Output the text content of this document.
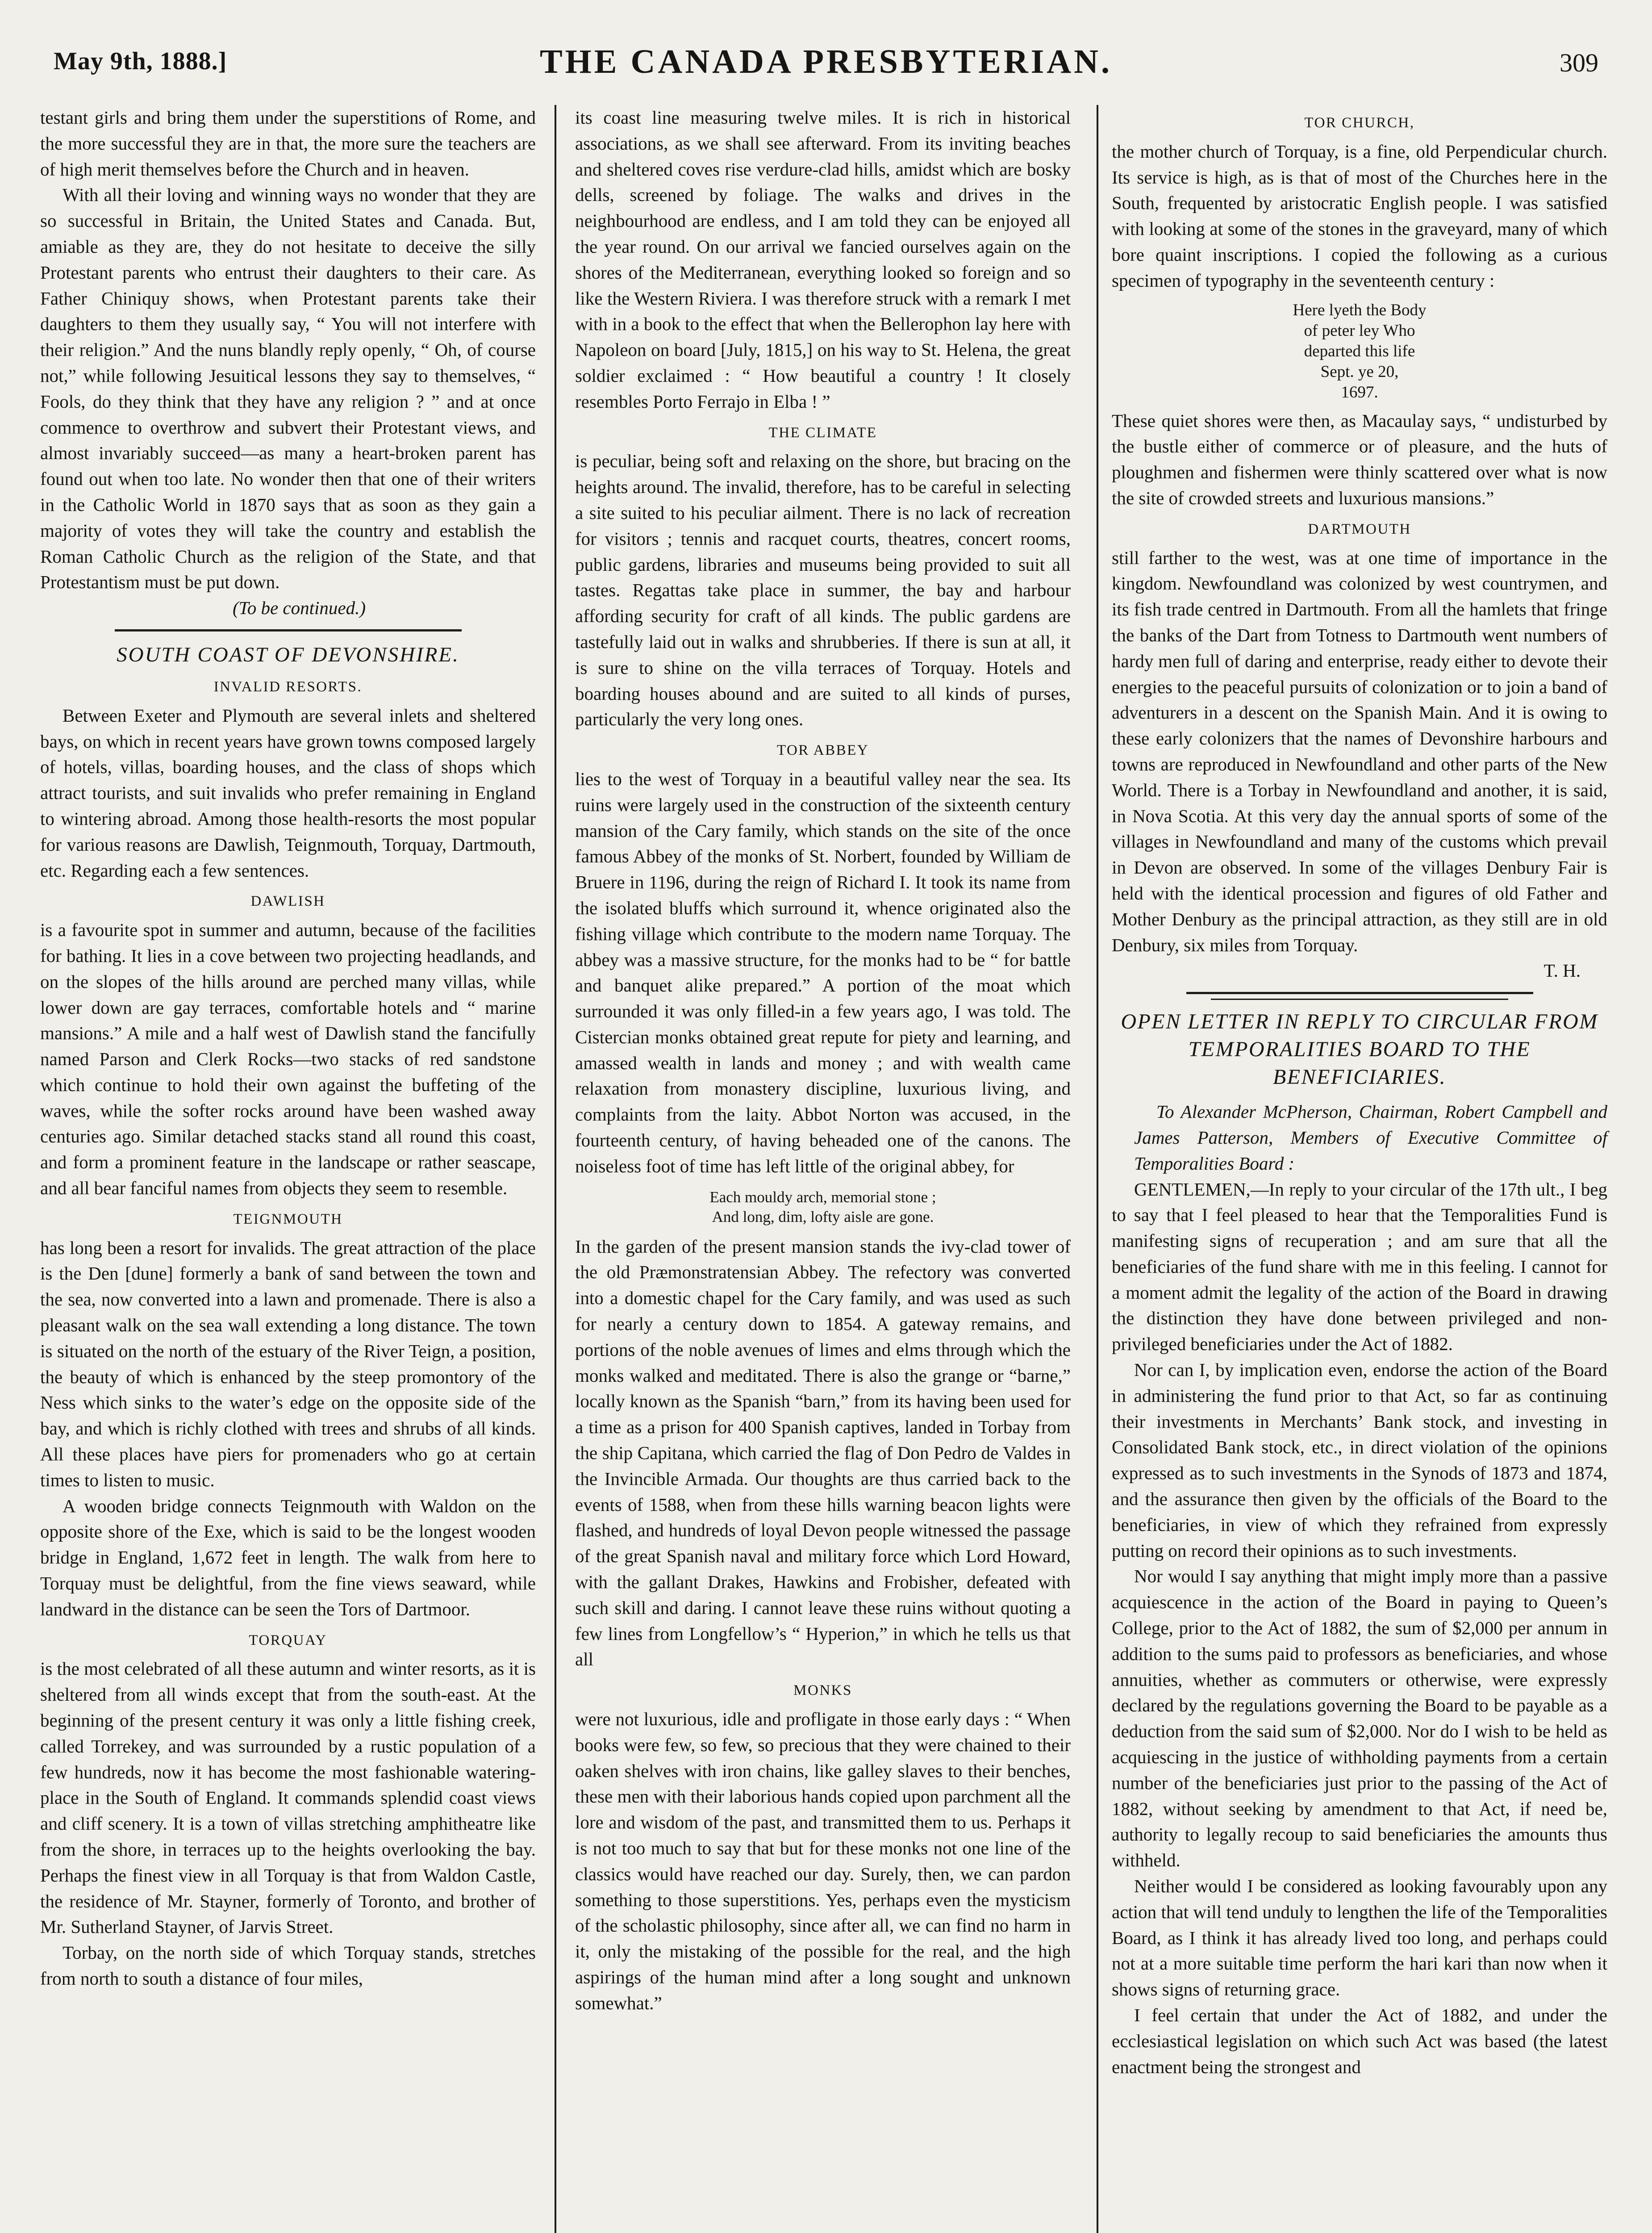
May 9th, 1888.]	THE CANADA PRESBYTERIAN.	309

testant girls and bring them under the superstitions of Rome, and the more successful they are in that, the more sure the teachers are of high merit themselves before the Church and in heaven.

With all their loving and winning ways no wonder that they are so successful in Britain, the United States and Canada. But, amiable as they are, they do not hesitate to deceive the silly Protestant parents who entrust their daughters to their care. As Father Chiniquy shows, when Protestant parents take their daughters to them they usually say, “ You will not interfere with their religion.” And the nuns blandly reply openly, “ Oh, of course not,” while following Jesuitical lessons they say to themselves, “ Fools, do they think that they have any religion ? ” and at once commence to overthrow and subvert their Protestant views, and almost invariably succeed—as many a heart-broken parent has found out when too late. No wonder then that one of their writers in the Catholic World in 1870 says that as soon as they gain a majority of votes they will take the country and establish the Roman Catholic Church as the religion of the State, and that Protestantism must be put down.

(To be continued.)

SOUTH COAST OF DEVONSHIRE.
INVALID RESORTS.

Between Exeter and Plymouth are several inlets and sheltered bays, on which in recent years have grown towns composed largely of hotels, villas, boarding houses, and the class of shops which attract tourists, and suit invalids who prefer remaining in England to wintering abroad. Among those health-resorts the most popular for various reasons are Dawlish, Teignmouth, Torquay, Dartmouth, etc. Regarding each a few sentences.

DAWLISH

is a favourite spot in summer and autumn, because of the facilities for bathing. It lies in a cove between two projecting headlands, and on the slopes of the hills around are perched many villas, while lower down are gay terraces, comfortable hotels and “ marine mansions.” A mile and a half west of Dawlish stand the fancifully named Parson and Clerk Rocks—two stacks of red sandstone which continue to hold their own against the buffeting of the waves, while the softer rocks around have been washed away centuries ago. Similar detached stacks stand all round this coast, and form a prominent feature in the landscape or rather seascape, and all bear fanciful names from objects they seem to resemble.

TEIGNMOUTH

has long been a resort for invalids. The great attraction of the place is the Den [dune] formerly a bank of sand between the town and the sea, now converted into a lawn and promenade. There is also a pleasant walk on the sea wall extending a long distance. The town is situated on the north of the estuary of the River Teign, a position, the beauty of which is enhanced by the steep promontory of the Ness which sinks to the water’s edge on the opposite side of the bay, and which is richly clothed with trees and shrubs of all kinds. All these places have piers for promenaders who go at certain times to listen to music.

A wooden bridge connects Teignmouth with Waldon on the opposite shore of the Exe, which is said to be the longest wooden bridge in England, 1,672 feet in length. The walk from here to Torquay must be delightful, from the fine views seaward, while landward in the distance can be seen the Tors of Dartmoor.

TORQUAY

is the most celebrated of all these autumn and winter resorts, as it is sheltered from all winds except that from the south-east. At the beginning of the present century it was only a little fishing creek, called Torrekey, and was surrounded by a rustic population of a few hundreds, now it has become the most fashionable watering-place in the South of England. It commands splendid coast views and cliff scenery. It is a town of villas stretching amphitheatre like from the shore, in terraces up to the heights overlooking the bay. Perhaps the finest view in all Torquay is that from Waldon Castle, the residence of Mr. Stayner, formerly of Toronto, and brother of Mr. Sutherland Stayner, of Jarvis Street.

Torbay, on the north side of which Torquay stands, stretches from north to south a distance of four miles,

its coast line measuring twelve miles. It is rich in historical associations, as we shall see afterward. From its inviting beaches and sheltered coves rise verdure-clad hills, amidst which are bosky dells, screened by foliage. The walks and drives in the neighbourhood are endless, and I am told they can be enjoyed all the year round. On our arrival we fancied ourselves again on the shores of the Mediterranean, everything looked so foreign and so like the Western Riviera. I was therefore struck with a remark I met with in a book to the effect that when the Bellerophon lay here with Napoleon on board [July, 1815,] on his way to St. Helena, the great soldier exclaimed : “ How beautiful a country ! It closely resembles Porto Ferrajo in Elba ! ”

THE CLIMATE

is peculiar, being soft and relaxing on the shore, but bracing on the heights around. The invalid, therefore, has to be careful in selecting a site suited to his peculiar ailment. There is no lack of recreation for visitors ; tennis and racquet courts, theatres, concert rooms, public gardens, libraries and museums being provided to suit all tastes. Regattas take place in summer, the bay and harbour affording security for craft of all kinds. The public gardens are tastefully laid out in walks and shrubberies. If there is sun at all, it is sure to shine on the villa terraces of Torquay. Hotels and boarding houses abound and are suited to all kinds of purses, particularly the very long ones.

TOR ABBEY

lies to the west of Torquay in a beautiful valley near the sea. Its ruins were largely used in the construction of the sixteenth century mansion of the Cary family, which stands on the site of the once famous Abbey of the monks of St. Norbert, founded by William de Bruere in 1196, during the reign of Richard I. It took its name from the isolated bluffs which surround it, whence originated also the fishing village which contribute to the modern name Torquay. The abbey was a massive structure, for the monks had to be “ for battle and banquet alike prepared.” A portion of the moat which surrounded it was only filled-in a few years ago, I was told. The Cistercian monks obtained great repute for piety and learning, and amassed wealth in lands and money ; and with wealth came relaxation from monastery discipline, luxurious living, and complaints from the laity. Abbot Norton was accused, in the fourteenth century, of having beheaded one of the canons. The noiseless foot of time has left little of the original abbey, for

Each mouldy arch, memorial stone ;
And long, dim, lofty aisle are gone.

In the garden of the present mansion stands the ivy-clad tower of the old Præmonstratensian Abbey. The refectory was converted into a domestic chapel for the Cary family, and was used as such for nearly a century down to 1854. A gateway remains, and portions of the noble avenues of limes and elms through which the monks walked and meditated. There is also the grange or “barne,” locally known as the Spanish “barn,” from its having been used for a time as a prison for 400 Spanish captives, landed in Torbay from the ship Capitana, which carried the flag of Don Pedro de Valdes in the Invincible Armada. Our thoughts are thus carried back to the events of 1588, when from these hills warning beacon lights were flashed, and hundreds of loyal Devon people witnessed the passage of the great Spanish naval and military force which Lord Howard, with the gallant Drakes, Hawkins and Frobisher, defeated with such skill and daring. I cannot leave these ruins without quoting a few lines from Longfellow’s “ Hyperion,” in which he tells us that all

MONKS

were not luxurious, idle and profligate in those early days : “ When books were few, so few, so precious that they were chained to their oaken shelves with iron chains, like galley slaves to their benches, these men with their laborious hands copied upon parchment all the lore and wisdom of the past, and transmitted them to us. Perhaps it is not too much to say that but for these monks not one line of the classics would have reached our day. Surely, then, we can pardon something to those superstitions. Yes, perhaps even the mysticism of the scholastic philosophy, since after all, we can find no harm in it, only the mistaking of the possible for the real, and the high aspirings of the human mind after a long sought and unknown somewhat.”

TOR CHURCH,

the mother church of Torquay, is a fine, old Perpendicular church. Its service is high, as is that of most of the Churches here in the South, frequented by aristocratic English people. I was satisfied with looking at some of the stones in the graveyard, many of which bore quaint inscriptions. I copied the following as a curious specimen of typography in the seventeenth century :

Here lyeth the Body
of peter ley Who
departed this life
Sept. ye 20,
1697.

These quiet shores were then, as Macaulay says, “ undisturbed by the bustle either of commerce or of pleasure, and the huts of ploughmen and fishermen were thinly scattered over what is now the site of crowded streets and luxurious mansions.”

DARTMOUTH

still farther to the west, was at one time of importance in the kingdom. Newfoundland was colonized by west countrymen, and its fish trade centred in Dartmouth. From all the hamlets that fringe the banks of the Dart from Totness to Dartmouth went numbers of hardy men full of daring and enterprise, ready either to devote their energies to the peaceful pursuits of colonization or to join a band of adventurers in a descent on the Spanish Main. And it is owing to these early colonizers that the names of Devonshire harbours and towns are reproduced in Newfoundland and other parts of the New World. There is a Torbay in Newfoundland and another, it is said, in Nova Scotia. At this very day the annual sports of some of the villages in Newfoundland and many of the customs which prevail in Devon are observed. In some of the villages Denbury Fair is held with the identical procession and figures of old Father and Mother Denbury as the principal attraction, as they still are in old Denbury, six miles from Torquay.

T. H.
OPEN LETTER IN REPLY TO CIRCULAR FROM TEMPORALITIES BOARD TO THE BENEFICIARIES.

To Alexander McPherson, Chairman, Robert Campbell and James Patterson, Members of Executive Committee of Temporalities Board :

GENTLEMEN,—In reply to your circular of the 17th ult., I beg to say that I feel pleased to hear that the Temporalities Fund is manifesting signs of recuperation ; and am sure that all the beneficiaries of the fund share with me in this feeling. I cannot for a moment admit the legality of the action of the Board in drawing the distinction they have done between privileged and non-privileged beneficiaries under the Act of 1882.

Nor can I, by implication even, endorse the action of the Board in administering the fund prior to that Act, so far as continuing their investments in Merchants’ Bank stock, and investing in Consolidated Bank stock, etc., in direct violation of the opinions expressed as to such investments in the Synods of 1873 and 1874, and the assurance then given by the officials of the Board to the beneficiaries, in view of which they refrained from expressly putting on record their opinions as to such investments.

Nor would I say anything that might imply more than a passive acquiescence in the action of the Board in paying to Queen’s College, prior to the Act of 1882, the sum of $2,000 per annum in addition to the sums paid to professors as beneficiaries, and whose annuities, whether as commuters or otherwise, were expressly declared by the regulations governing the Board to be payable as a deduction from the said sum of $2,000. Nor do I wish to be held as acquiescing in the justice of withholding payments from a certain number of the beneficiaries just prior to the passing of the Act of 1882, without seeking by amendment to that Act, if need be, authority to legally recoup to said beneficiaries the amounts thus withheld.

Neither would I be considered as looking favourably upon any action that will tend unduly to lengthen the life of the Temporalities Board, as I think it has already lived too long, and perhaps could not at a more suitable time perform the hari kari than now when it shows signs of returning grace.

I feel certain that under the Act of 1882, and under the ecclesiastical legislation on which such Act was based (the latest enactment being the strongest and
